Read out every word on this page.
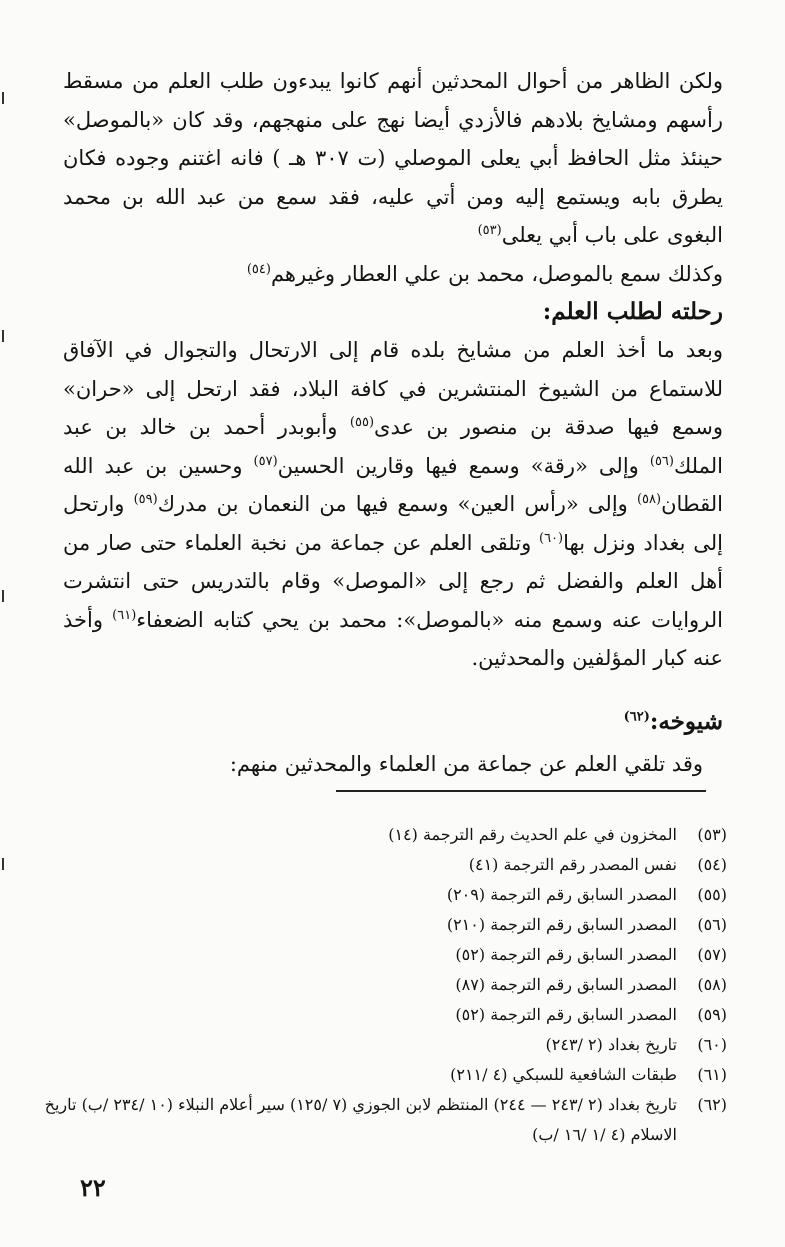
ولكن الظاهر من أحوال المحدثين أنهم كانوا يبدءون طلب العلم من مسقط رأسهم ومشايخ بلادهم فالأزدي أيضا نهج على منهجهم، وقد كان «بالموصل» حينئذ مثل الحافظ أبي يعلى الموصلي (ت ٣٠٧ هـ ) فانه اغتنم وجوده فكان يطرق بابه ويستمع إليه ومن أتي عليه، فقد سمع من عبد الله بن محمد البغوى على باب أبي يعلى$^{(٥٣)}$

وكذلك سمع بالموصل، محمد بن علي العطار وغيرهم$^{(٥٤)}$

رحلته لطلب العلم:

وبعد ما أخذ العلم من مشايخ بلده قام إلى الارتحال والتجوال في الآفاق للاستماع من الشيوخ المنتشرين في كافة البلاد، فقد ارتحل إلى «حران» وسمع فيها صدقة بن منصور بن عدى$^{(٥٥)}$ وأبوبدر أحمد بن خالد بن عبد الملك$^{(٥٦)}$ وإلى «رقة» وسمع فيها وقارين الحسين$^{(٥٧)}$ وحسين بن عبد الله القطان$^{(٥٨)}$ وإلى «رأس العين» وسمع فيها من النعمان بن مدرك$^{(٥٩)}$ وارتحل إلى بغداد ونزل بها$^{(٦٠)}$ وتلقى العلم عن جماعة من نخبة العلماء حتى صار من أهل العلم والفضل ثم رجع إلى «الموصل» وقام بالتدريس حتى انتشرت الروايات عنه وسمع منه «بالموصل»: محمد بن يحي كتابه الضعفاء$^{(٦١)}$ وأخذ عنه كبار المؤلفين والمحدثين.

شيوخه:$^{(٦٢)}$
وقد تلقي العلم عن جماعة من العلماء والمحدثين منهم:
(٥٣)
المخزون في علم الحديث رقم الترجمة (١٤)
(٥٤)
نفس المصدر رقم الترجمة (٤١)
(٥٥)
المصدر السابق رقم الترجمة (٢٠٩)
(٥٦)
المصدر السابق رقم الترجمة (٢١٠)
(٥٧)
المصدر السابق رقم الترجمة (٥٢)
(٥٨)
المصدر السابق رقم الترجمة (٨٧)
(٥٩)
المصدر السابق رقم الترجمة (٥٢)
(٦٠)
تاريخ بغداد (٢ /٢٤٣)
(٦١)
طبقات الشافعية للسبكي (٤ /٢١١)
(٦٢)
تاريخ بغداد (٢ /٢٤٣ — ٢٤٤) المنتظم لابن الجوزي (٧ /١٢٥) سير أعلام النبلاء (١٠ /٢٣٤ /ب) تاريخ الاسلام (٤ /١ /١٦ /ب)
٢٢
